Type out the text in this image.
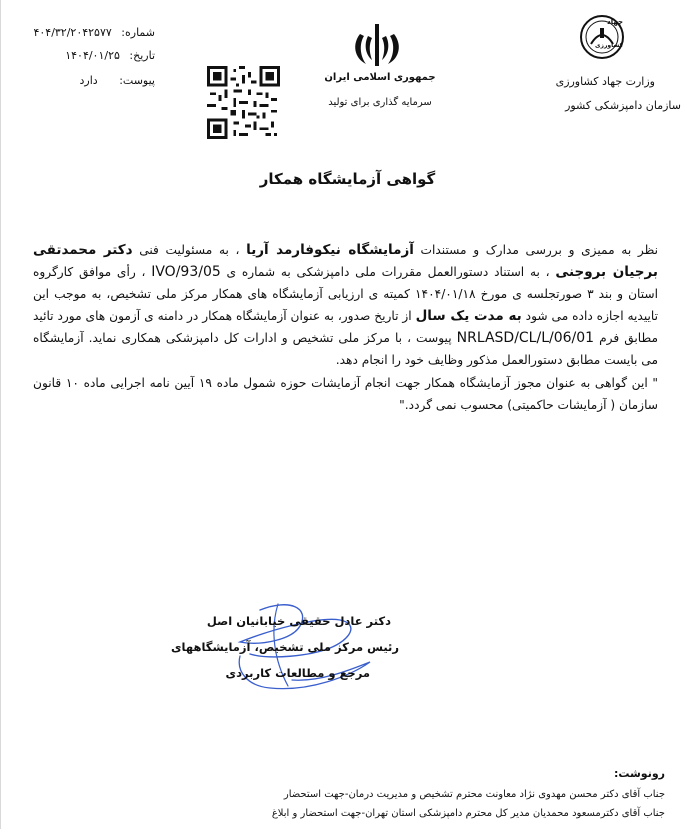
جهاد
کشاورزی
وزارت جهاد کشاورزی
سازمان دامپزشکی کشور
جمهوری اسلامی ایران
سرمایه گذاری برای تولید
شماره: ۴۰۴/۳۲/۲۰۴۲۵۷۷
تاریخ: ۱۴۰۴/۰۱/۲۵
پیوست: دارد
گواهی آزمایشگاه همکار
نظر به ممیزی و بررسی مدارک و مستندات آزمایشگاه نیکوفارمد آریا ، به مسئولیت فنی دکتر محمدتقی برجیان بروجنی ، به استناد دستورالعمل مقررات ملی دامپزشکی به شماره ی IVO/93/05 ، رأی موافق کارگروه استان و بند ۳ صورتجلسه ی مورخ ۱۴۰۴/۰۱/۱۸ کمیته ی ارزیابی آزمایشگاه های همکار مرکز ملی تشخیص، به موجب این تاییدیه اجازه داده می شود به مدت یک سال از تاریخ صدور، به عنوان آزمایشگاه همکار در دامنه ی آزمون های مورد تائید مطابق فرم NRLASD/CL/L/06/01 پیوست ، با مرکز ملی تشخیص و ادارات کل دامپزشکی همکاری نماید. آزمایشگاه می بایست مطابق دستورالعمل مذکور وظایف خود را انجام دهد.
" این گواهی به عنوان مجوز آزمایشگاه همکار جهت انجام آزمایشات حوزه شمول ماده ۱۹ آیین نامه اجرایی ماده ۱۰ قانون سازمان ( آزمایشات حاکمیتی) محسوب نمی گردد."
دکتر عادل حقیقی خیابانیان اصل
رئیس مرکز ملی تشخیص، آزمایشگاههای
مرجع و مطالعات کاربردی
رونوشت:
جناب آقای دکتر محسن مهدوی نژاد معاونت محترم تشخیص و مدیریت درمان-جهت استحضار
جناب آقای دکترمسعود محمدیان مدیر کل محترم دامپزشکی استان تهران-جهت استحضار و ابلاغ
